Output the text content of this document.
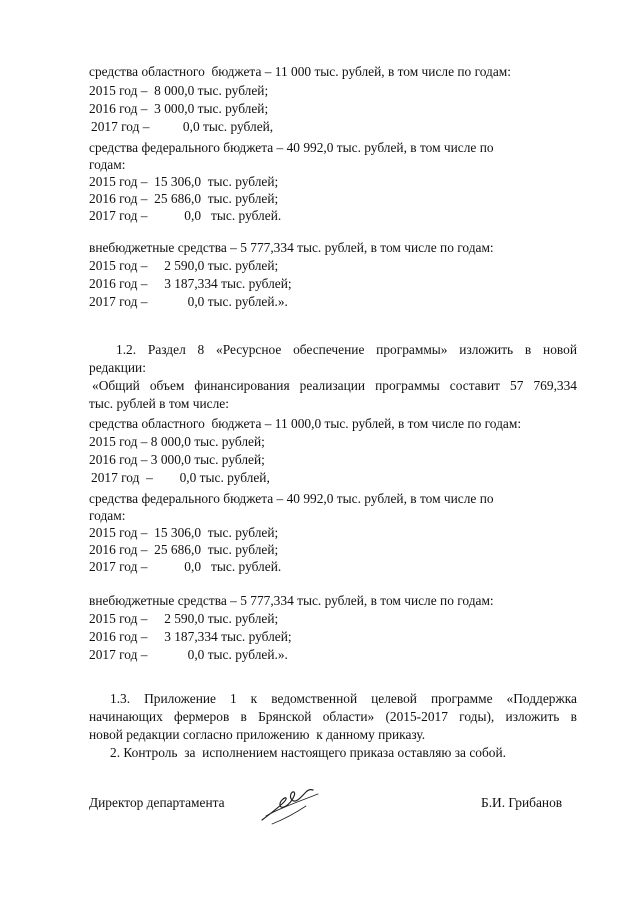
средства областного  бюджета – 11 000 тыс. рублей, в том числе по годам:
2015 год –  8 000,0 тыс. рублей;
2016 год –  3 000,0 тыс. рублей;
2017 год –          0,0 тыс. рублей,
средства федерального бюджета – 40 992,0 тыс. рублей, в том числе по
годам:
2015 год –  15 306,0  тыс. рублей;
2016 год –  25 686,0  тыс. рублей;
2017 год –           0,0   тыс. рублей.
внебюджетные средства – 5 777,334 тыс. рублей, в том числе по годам:
2015 год –     2 590,0 тыс. рублей;
2016 год –     3 187,334 тыс. рублей;
2017 год –            0,0 тыс. рублей.».
1.2. Раздел 8 «Ресурсное обеспечение программы» изложить в новой
редакции:
«Общий объем финансирования реализации программы составит 57 769,334
тыс. рублей в том числе:
средства областного  бюджета – 11 000,0 тыс. рублей, в том числе по годам:
2015 год – 8 000,0 тыс. рублей;
2016 год – 3 000,0 тыс. рублей;
2017 год  –        0,0 тыс. рублей,
средства федерального бюджета – 40 992,0 тыс. рублей, в том числе по
годам:
2015 год –  15 306,0  тыс. рублей;
2016 год –  25 686,0  тыс. рублей;
2017 год –           0,0   тыс. рублей.
внебюджетные средства – 5 777,334 тыс. рублей, в том числе по годам:
2015 год –     2 590,0 тыс. рублей;
2016 год –     3 187,334 тыс. рублей;
2017 год –            0,0 тыс. рублей.».
1.3. Приложение 1 к ведомственной целевой программе «Поддержка
начинающих фермеров в Брянской области» (2015-2017 годы), изложить в
новой редакции согласно приложению  к данному приказу.
2. Контроль  за  исполнением настоящего приказа оставляю за собой.
Директор департамента	Б.И. Грибанов
